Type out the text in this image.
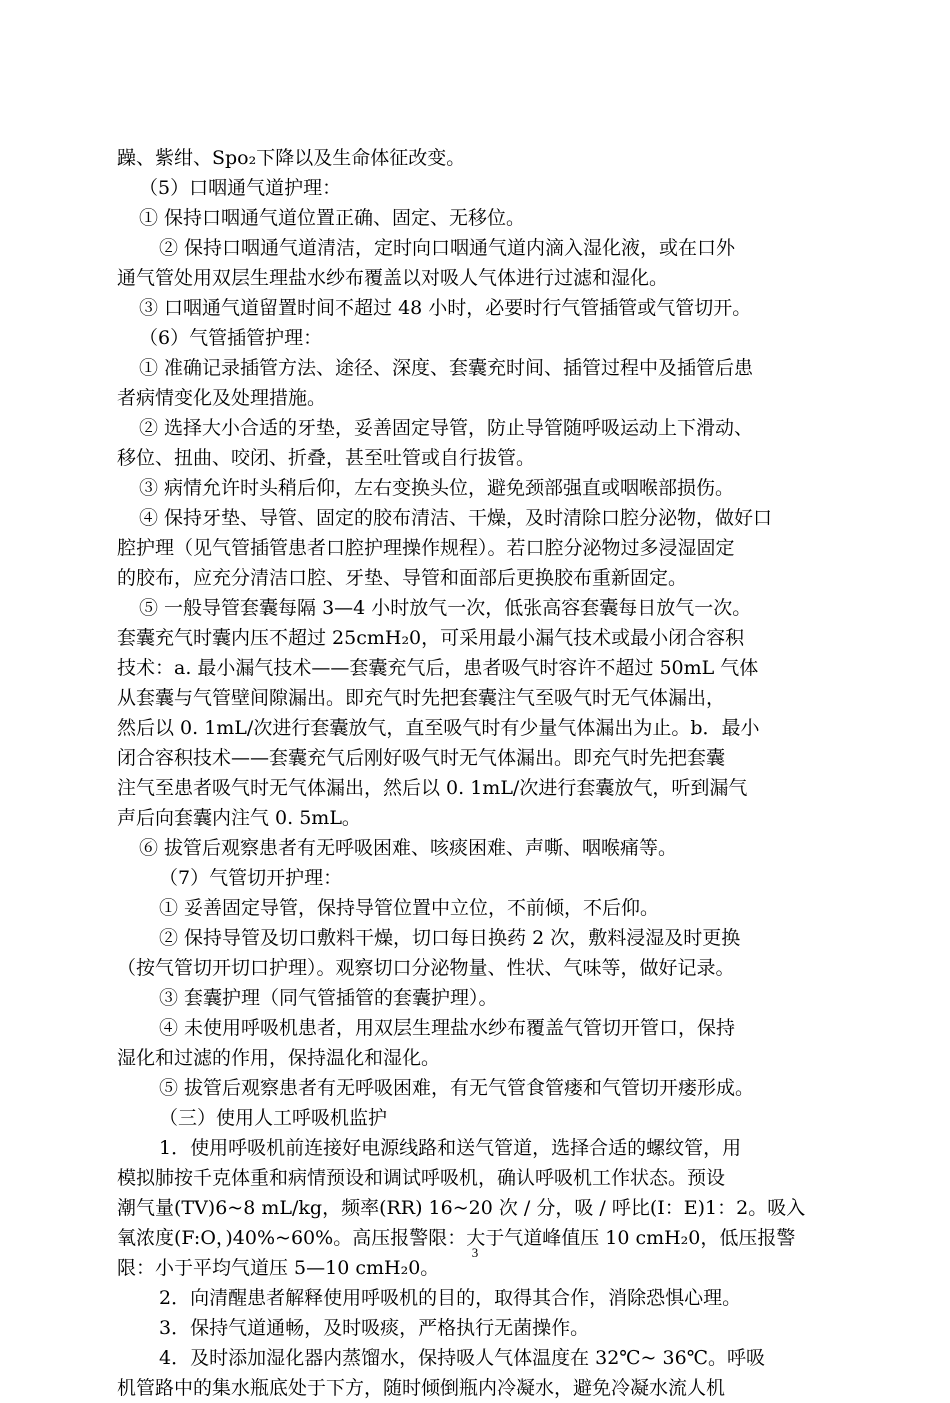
躁、紫绀、Spo₂下降以及生命体征改变。
（5）口咽通气道护理：
① 保持口咽通气道位置正确、固定、无移位。
② 保持口咽通气道清洁，定时向口咽通气道内滴入湿化液，或在口外
通气管处用双层生理盐水纱布覆盖以对吸人气体进行过滤和湿化。
③ 口咽通气道留置时间不超过 48 小时，必要时行气管插管或气管切开。
（6）气管插管护理：
① 准确记录插管方法、途径、深度、套囊充时间、插管过程中及插管后患
者病情变化及处理措施。
② 选择大小合适的牙垫，妥善固定导管，防止导管随呼吸运动上下滑动、
移位、扭曲、咬闭、折叠，甚至吐管或自行拔管。
③ 病情允许时头稍后仰，左右变换头位，避免颈部强直或咽喉部损伤。
④ 保持牙垫、导管、固定的胶布清洁、干燥，及时清除口腔分泌物，做好口
腔护理（见气管插管患者口腔护理操作规程）。若口腔分泌物过多浸湿固定
的胶布，应充分清洁口腔、牙垫、导管和面部后更换胶布重新固定。
⑤ 一般导管套囊每隔 3—4 小时放气一次，低张高容套囊每日放气一次。
套囊充气时囊内压不超过 25cmH₂0，可采用最小漏气技术或最小闭合容积
技术：a. 最小漏气技术——套囊充气后，患者吸气时容许不超过 50mL 气体
从套囊与气管壁间隙漏出。即充气时先把套囊注气至吸气时无气体漏出，
然后以 0. 1mL/次进行套囊放气，直至吸气时有少量气体漏出为止。b．最小
闭合容积技术——套囊充气后刚好吸气时无气体漏出。即充气时先把套囊
注气至患者吸气时无气体漏出，然后以 0. 1mL/次进行套囊放气，听到漏气
声后向套囊内注气 0. 5mL。
⑥ 拔管后观察患者有无呼吸困难、咳痰困难、声嘶、咽喉痛等。
（7）气管切开护理：
① 妥善固定导管，保持导管位置中立位，不前倾，不后仰。
② 保持导管及切口敷料干燥，切口每日换药 2 次，敷料浸湿及时更换
（按气管切开切口护理）。观察切口分泌物量、性状、气味等，做好记录。
③ 套囊护理（同气管插管的套囊护理）。
④ 未使用呼吸机患者，用双层生理盐水纱布覆盖气管切开管口，保持
湿化和过滤的作用，保持温化和湿化。
⑤ 拔管后观察患者有无呼吸困难，有无气管食管瘘和气管切开瘘形成。
（三）使用人工呼吸机监护
1．使用呼吸机前连接好电源线路和送气管道，选择合适的螺纹管，用
模拟肺按千克体重和病情预设和调试呼吸机，确认呼吸机工作状态。预设
潮气量(TV)6~8 mL/kg，频率(RR) 16~20 次 / 分，吸 / 呼比(I：E)1：2。吸入
氧浓度(F:O，)40%~60%。高压报警限：大于气道峰值压 10 cmH₂0，低压报警
限：小于平均气道压 5—10 cmH₂0。
2．向清醒患者解释使用呼吸机的目的，取得其合作，消除恐惧心理。
3．保持气道通畅，及时吸痰，严格执行无菌操作。
4．及时添加湿化器内蒸馏水，保持吸人气体温度在 32℃~ 36℃。呼吸
机管路中的集水瓶底处于下方，随时倾倒瓶内冷凝水，避免冷凝水流人机
3
